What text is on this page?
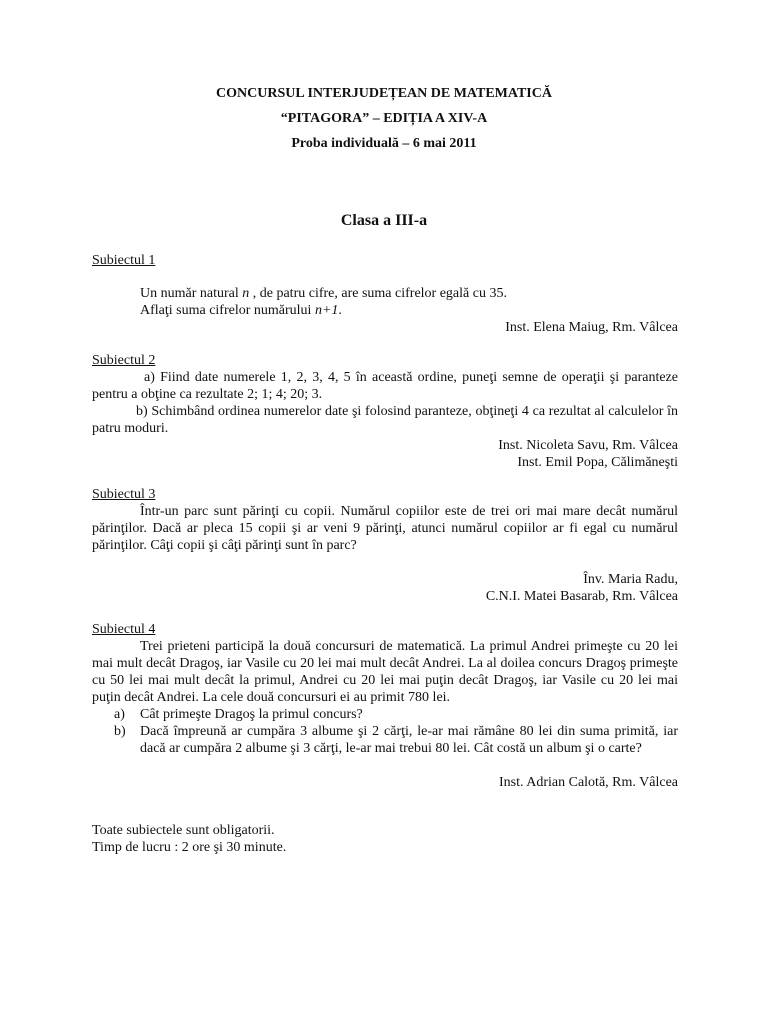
CONCURSUL INTERJUDEȚEAN DE MATEMATICĂ
“PITAGORA” – EDIȚIA A XIV-A
Proba individuală – 6 mai 2011
Clasa a III-a
Subiectul 1
Un număr natural n , de patru cifre, are suma cifrelor egală cu 35.
Aflaţi suma cifrelor numărului n+1.
Inst. Elena Maiug, Rm. Vâlcea
Subiectul 2
a) Fiind date numerele 1, 2, 3, 4, 5 în această ordine, puneţi semne de operaţii şi paranteze pentru a obţine ca rezultate 2; 1; 4; 20; 3.
b) Schimbând ordinea numerelor date şi folosind paranteze, obţineţi 4 ca rezultat al calculelor în patru moduri.
Inst. Nicoleta Savu, Rm. Vâlcea
Inst. Emil Popa, Călimăneşti
Subiectul 3
Într-un parc sunt părinţi cu copii. Numărul copiilor este de trei ori mai mare decât numărul părinţilor. Dacă ar pleca 15 copii şi ar veni 9 părinţi, atunci numărul copiilor ar fi egal cu numărul părinţilor. Câţi copii şi câţi părinţi sunt în parc?
Înv. Maria Radu,
C.N.I. Matei Basarab, Rm. Vâlcea
Subiectul 4
Trei prieteni participă la două concursuri de matematică. La primul Andrei primeşte cu 20 lei mai mult decât Dragoş, iar Vasile cu 20 lei mai mult decât Andrei. La al doilea concurs Dragoş primeşte cu 50 lei mai mult decât la primul, Andrei cu 20 lei mai puţin decât Dragoş, iar Vasile cu 20 lei mai puţin decât Andrei. La cele două concursuri ei au primit 780 lei.
a) Cât primeşte Dragoş la primul concurs?
b) Dacă împreună ar cumpăra 3 albume şi 2 cărţi, le-ar mai rămâne 80 lei din suma primită, iar dacă ar cumpăra 2 albume şi 3 cărţi, le-ar mai trebui 80 lei. Cât costă un album şi o carte?
Inst. Adrian Calotă, Rm. Vâlcea
Toate subiectele sunt obligatorii.
Timp de lucru : 2 ore şi 30 minute.
